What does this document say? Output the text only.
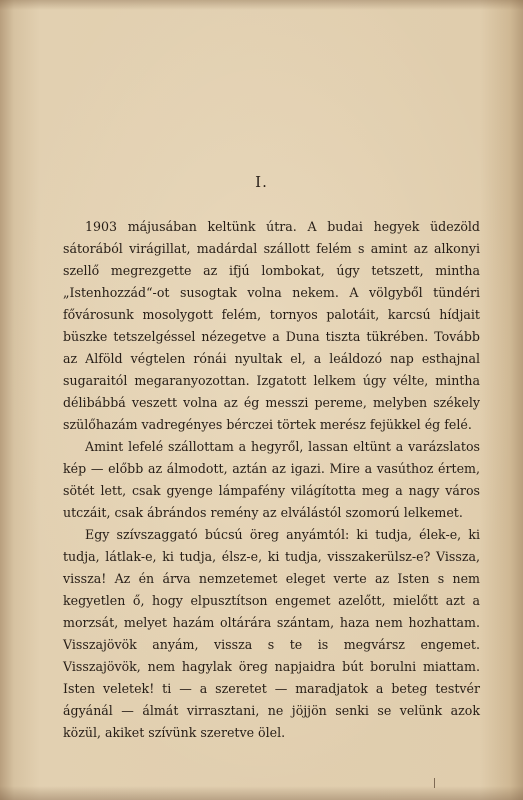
I.

1903 májusában keltünk útra. A budai hegyek üdezöld sátorából virágillat, madárdal szállott felém s amint az alkonyi szellő megrezgette az ifjú lombokat, úgy tetszett, mintha „Istenhozzád“-ot susogtak volna nekem. A völgyből tündéri fővárosunk mosolygott felém, tornyos palotáit, karcsú hídjait büszke tetszelgéssel nézegetve a Duna tiszta tükrében. Tovább az Alföld végtelen rónái nyultak el, a leáldozó nap esthajnal sugaraitól megaranyozottan. Izgatott lelkem úgy vélte, mintha délibábbá veszett volna az ég messzi pereme, melyben székely szülőhazám vadregényes bérczei törtek merész fejükkel ég felé.

Amint lefelé szállottam a hegyről, lassan eltünt a varázslatos kép — előbb az álmodott, aztán az igazi. Mire a vasúthoz értem, sötét lett, csak gyenge lámpafény világította meg a nagy város utczáit, csak ábrándos remény az elválástól szomorú lelkemet.

Egy szívszaggató búcsú öreg anyámtól: ki tudja, élek-e, ki tudja, látlak-e, ki tudja, élsz-e, ki tudja, visszakerülsz-e? Vissza, vissza! Az én árva nemzetemet eleget verte az Isten s nem kegyetlen ő, hogy elpusztítson engemet azelőtt, mielőtt azt a morzsát, melyet hazám oltárára szántam, haza nem hozhattam. Visszajövök anyám, vissza s te is megvársz engemet. Visszajövök, nem hagylak öreg napjaidra bút borulni miattam. Isten veletek! ti — a szeretet — maradjatok a beteg testvér ágyánál — álmát virrasztani, ne jöjjön senki se velünk azok közül, akiket szívünk szeretve ölel.
